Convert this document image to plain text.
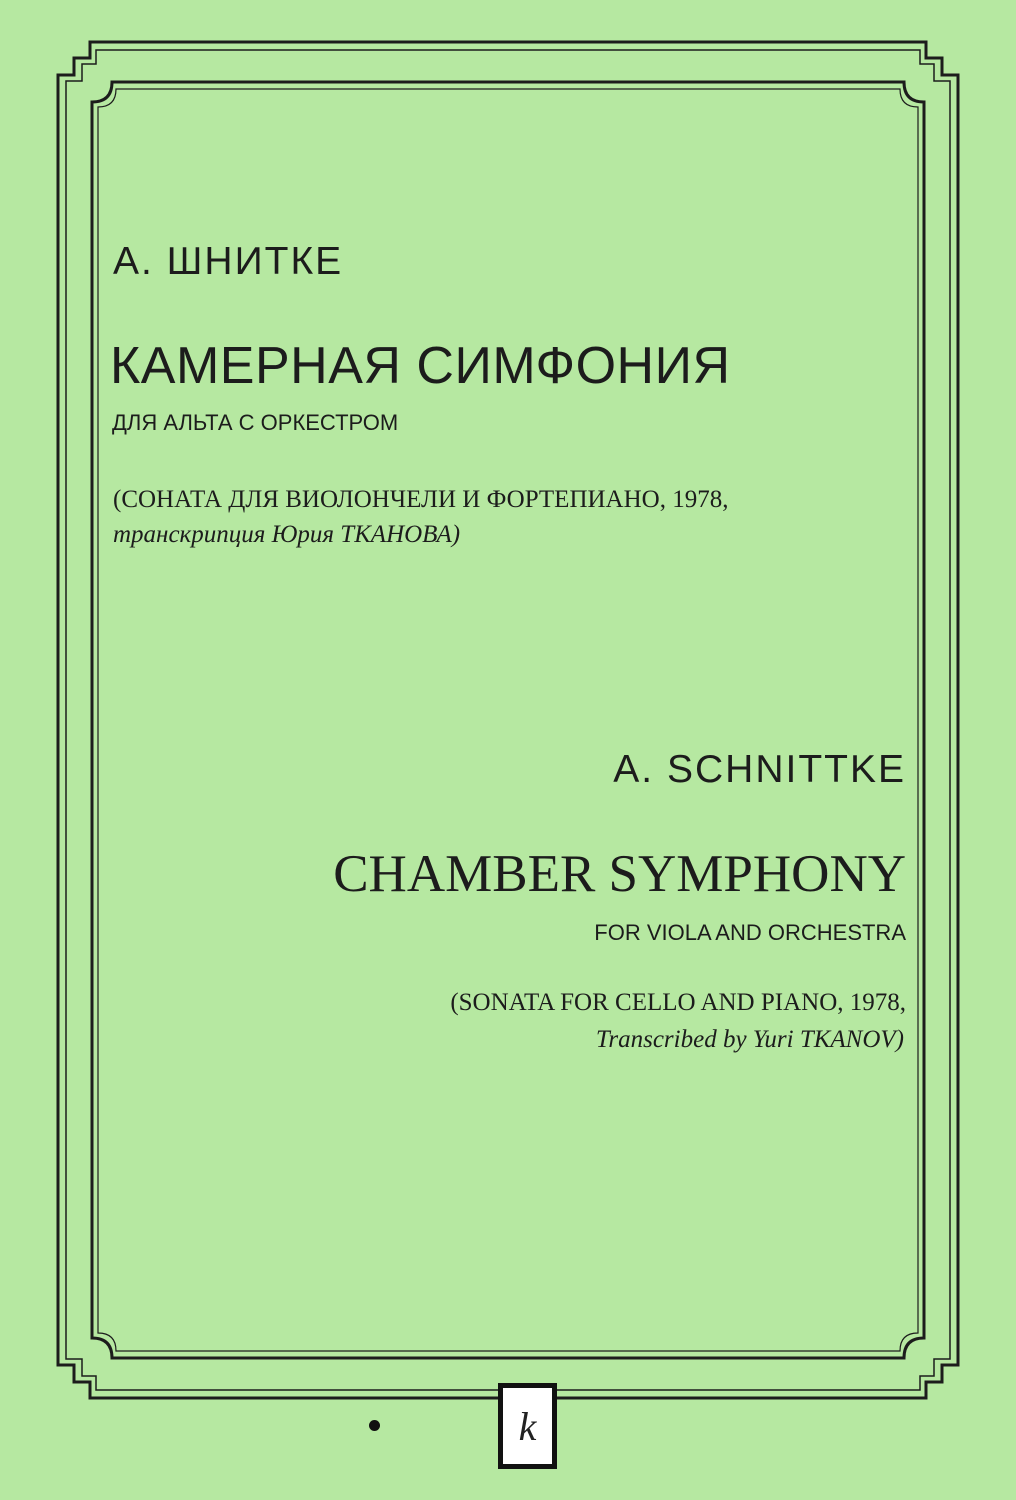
А. ШНИТКЕ

КАМЕРНАЯ СИМФОНИЯ

ДЛЯ АЛЬТА С ОРКЕСТРОМ

(СОНАТА ДЛЯ ВИОЛОНЧЕЛИ И ФОРТЕПИАНО, 1978,

транскрипция Юрия ТКАНОВА)

A. SCHNITTKE

CHAMBER SYMPHONY

FOR VIOLA AND ORCHESTRA

(SONATA FOR CELLO AND PIANO, 1978,

Transcribed by Yuri TKANOV)

k
